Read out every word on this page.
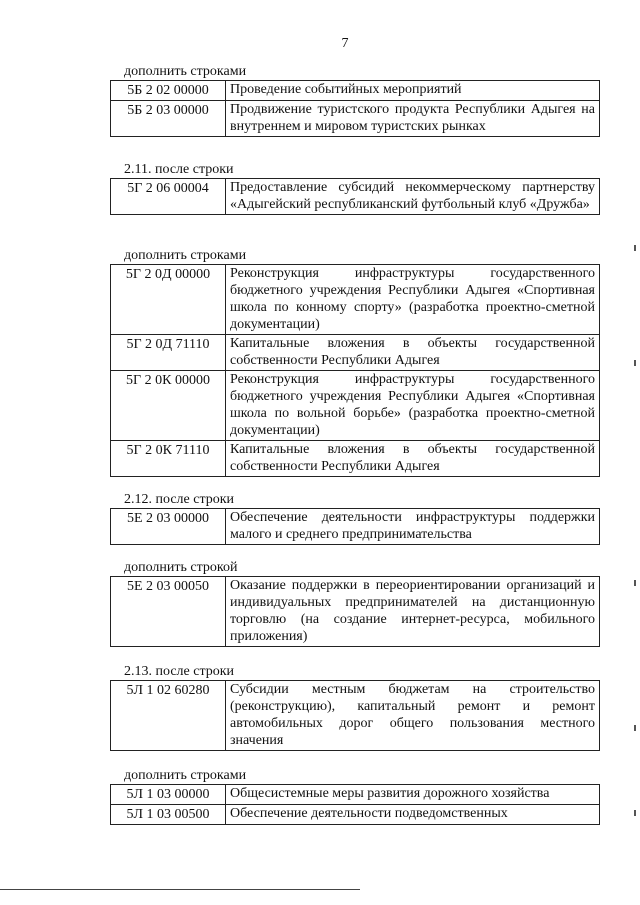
7
дополнить строками
5Б 2 02 00000	Проведение событийных мероприятий
5Б 2 03 00000	Продвижение туристского продукта Республики Адыгея на внутреннем и мировом туристских рынках
2.11. после строки
5Г 2 06 00004	Предоставление субсидий некоммерческому партнерству «Адыгейский республиканский футбольный клуб «Дружба»
дополнить строками
5Г 2 0Д 00000	Реконструкция инфраструктуры государственного бюджетного учреждения Республики Адыгея «Спортивная школа по конному спорту» (разработка проектно-сметной документации)
5Г 2 0Д 71110	Капитальные вложения в объекты государственной собственности Республики Адыгея
5Г 2 0К 00000	Реконструкция инфраструктуры государственного бюджетного учреждения Республики Адыгея «Спортивная школа по вольной борьбе» (разработка проектно-сметной документации)
5Г 2 0К 71110	Капитальные вложения в объекты государственной собственности Республики Адыгея
2.12. после строки
5Е 2 03 00000	Обеспечение деятельности инфраструктуры поддержки малого и среднего предпринимательства
дополнить строкой
5Е 2 03 00050	Оказание поддержки в переориентировании организаций и индивидуальных предпринимателей на дистанционную торговлю (на создание интернет-ресурса, мобильного приложения)
2.13. после строки
5Л 1 02 60280	Субсидии местным бюджетам на строительство (реконструкцию), капитальный ремонт и ремонт автомобильных дорог общего пользования местного значения
дополнить строками
5Л 1 03 00000	Общесистемные меры развития дорожного хозяйства
5Л 1 03 00500	Обеспечение деятельности подведомственных
